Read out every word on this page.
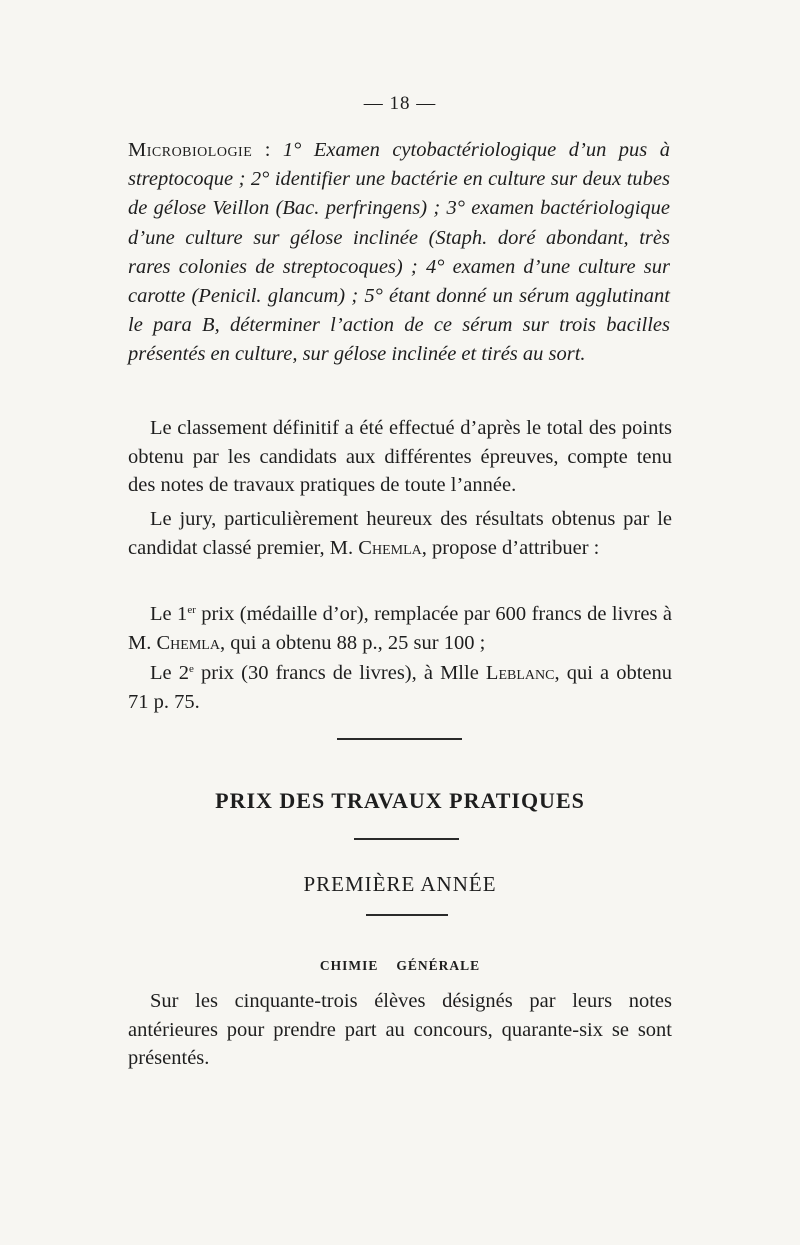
— 18 —
Microbiologie : 1° Examen cytobactériologique d’un pus à streptocoque ; 2° identifier une bactérie en culture sur deux tubes de gélose Veillon (Bac. perfringens) ; 3° examen bactériologique d’une culture sur gélose inclinée (Staph. doré abondant, très rares colonies de streptocoques) ; 4° examen d’une culture sur carotte (Penicil. glancum) ; 5° étant donné un sérum agglutinant le para B, déterminer l’action de ce sérum sur trois bacilles présentés en culture, sur gélose inclinée et tirés au sort.
Le classement définitif a été effectué d’après le total des points obtenu par les candidats aux différentes épreuves, compte tenu des notes de travaux pratiques de toute l’année.
Le jury, particulièrement heureux des résultats obtenus par le candidat classé premier, M. Chemla, propose d’attribuer :
Le 1er prix (médaille d’or), remplacée par 600 francs de livres à M. Chemla, qui a obtenu 88 p., 25 sur 100 ;
Le 2e prix (30 francs de livres), à Mlle Leblanc, qui a obtenu 71 p. 75.
PRIX DES TRAVAUX PRATIQUES
PREMIÈRE ANNÉE
CHIMIE GÉNÉRALE
Sur les cinquante-trois élèves désignés par leurs notes antérieures pour prendre part au concours, quarante-six se sont présentés.
